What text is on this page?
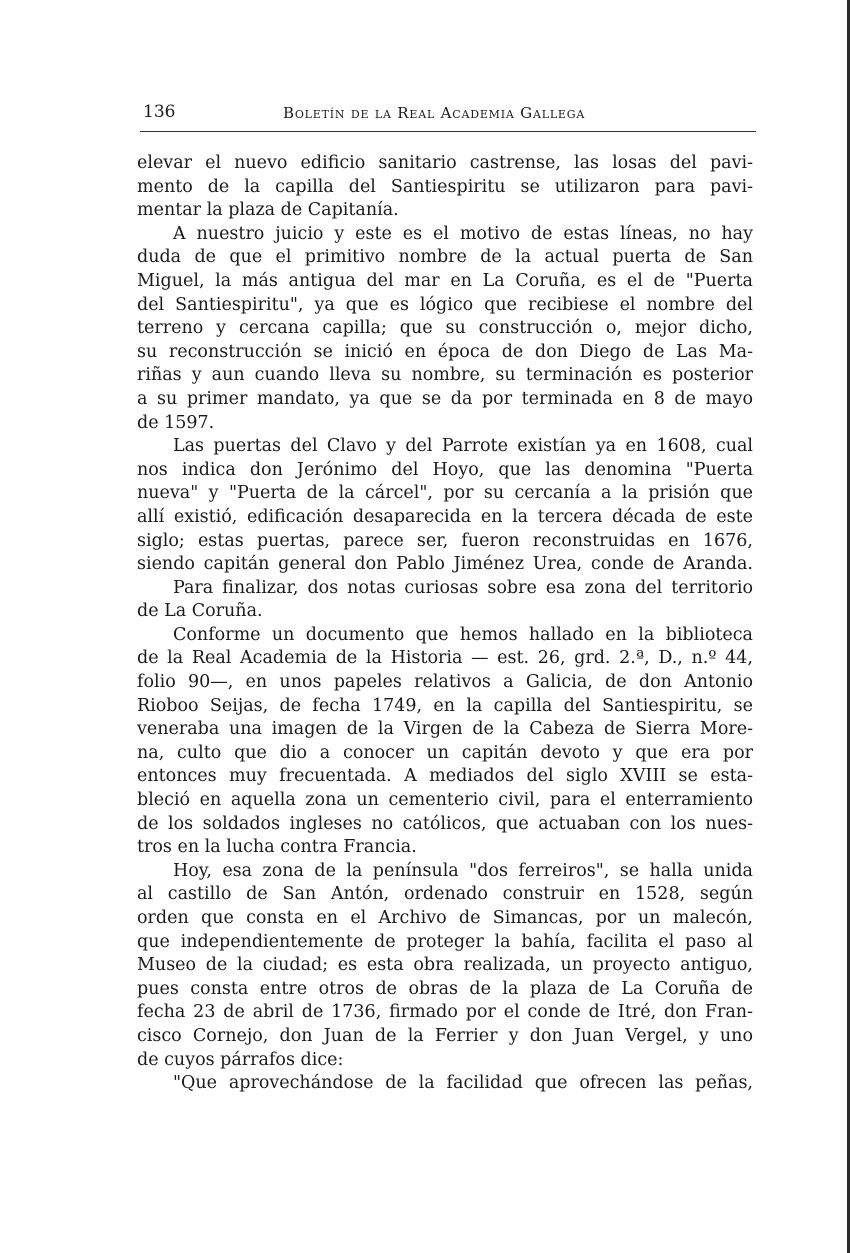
136	Boletín de la Real Academia Gallega
elevar el nuevo edificio sanitario castrense, las losas del pavi-
mento de la capilla del Santiespiritu se utilizaron para pavi-
mentar la plaza de Capitanía.
A nuestro juicio y este es el motivo de estas líneas, no hay
duda de que el primitivo nombre de la actual puerta de San
Miguel, la más antigua del mar en La Coruña, es el de "Puerta
del Santiespiritu", ya que es lógico que recibiese el nombre del
terreno y cercana capilla; que su construcción o, mejor dicho,
su reconstrucción se inició en época de don Diego de Las Ma-
riñas y aun cuando lleva su nombre, su terminación es posterior
a su primer mandato, ya que se da por terminada en 8 de mayo
de 1597.
Las puertas del Clavo y del Parrote existían ya en 1608, cual
nos indica don Jerónimo del Hoyo, que las denomina "Puerta
nueva" y "Puerta de la cárcel", por su cercanía a la prisión que
allí existió, edificación desaparecida en la tercera década de este
siglo; estas puertas, parece ser, fueron reconstruidas en 1676,
siendo capitán general don Pablo Jiménez Urea, conde de Aranda.
Para finalizar, dos notas curiosas sobre esa zona del territorio
de La Coruña.
Conforme un documento que hemos hallado en la biblioteca
de la Real Academia de la Historia — est. 26, grd. 2.ª, D., n.º 44,
folio 90—, en unos papeles relativos a Galicia, de don Antonio
Rioboo Seijas, de fecha 1749, en la capilla del Santiespiritu, se
veneraba una imagen de la Virgen de la Cabeza de Sierra More-
na, culto que dio a conocer un capitán devoto y que era por
entonces muy frecuentada. A mediados del siglo XVIII se esta-
bleció en aquella zona un cementerio civil, para el enterramiento
de los soldados ingleses no católicos, que actuaban con los nues-
tros en la lucha contra Francia.
Hoy, esa zona de la península "dos ferreiros", se halla unida
al castillo de San Antón, ordenado construir en 1528, según
orden que consta en el Archivo de Simancas, por un malecón,
que independientemente de proteger la bahía, facilita el paso al
Museo de la ciudad; es esta obra realizada, un proyecto antiguo,
pues consta entre otros de obras de la plaza de La Coruña de
fecha 23 de abril de 1736, firmado por el conde de Itré, don Fran-
cisco Cornejo, don Juan de la Ferrier y don Juan Vergel, y uno
de cuyos párrafos dice:
"Que aprovechándose de la facilidad que ofrecen las peñas,
